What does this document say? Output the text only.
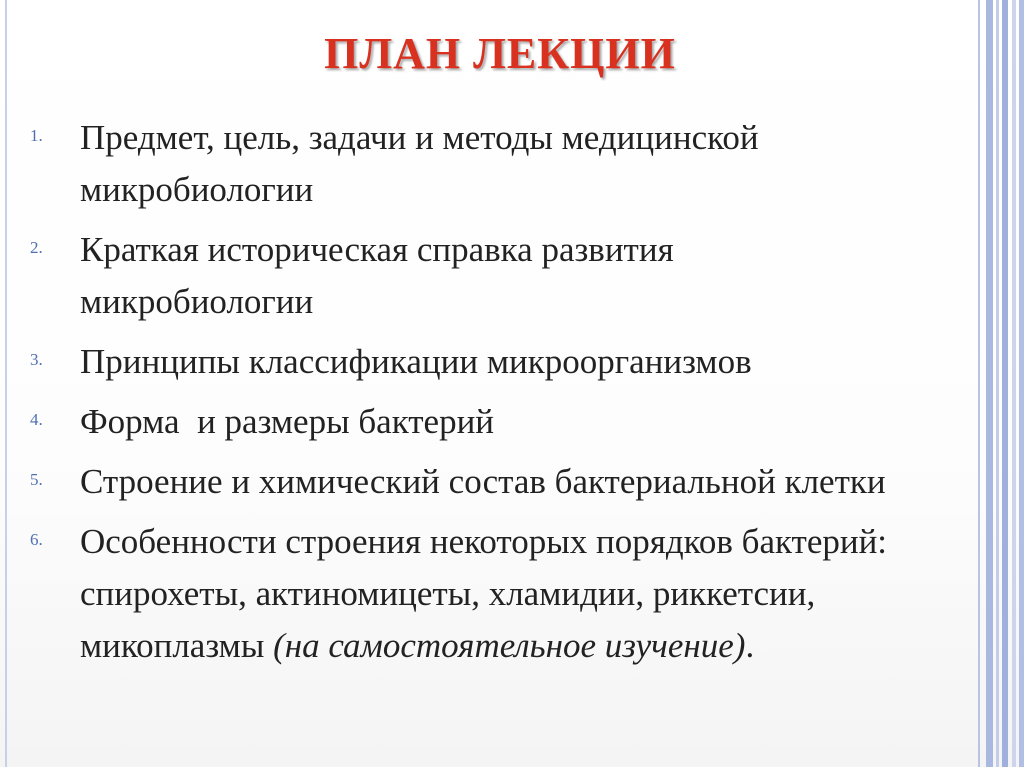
ПЛАН ЛЕКЦИИ
1.	Предмет, цель, задачи и методы медицинской
микробиологии
2.	Краткая историческая справка развития
микробиологии
3.	Принципы классификации микроорганизмов
4.	Форма  и размеры бактерий
5.	Строение и химический состав бактериальной клетки
6.	Особенности строения некоторых порядков бактерий:
спирохеты, актиномицеты, хламидии, риккетсии,
микоплазмы (на самостоятельное изучение).
